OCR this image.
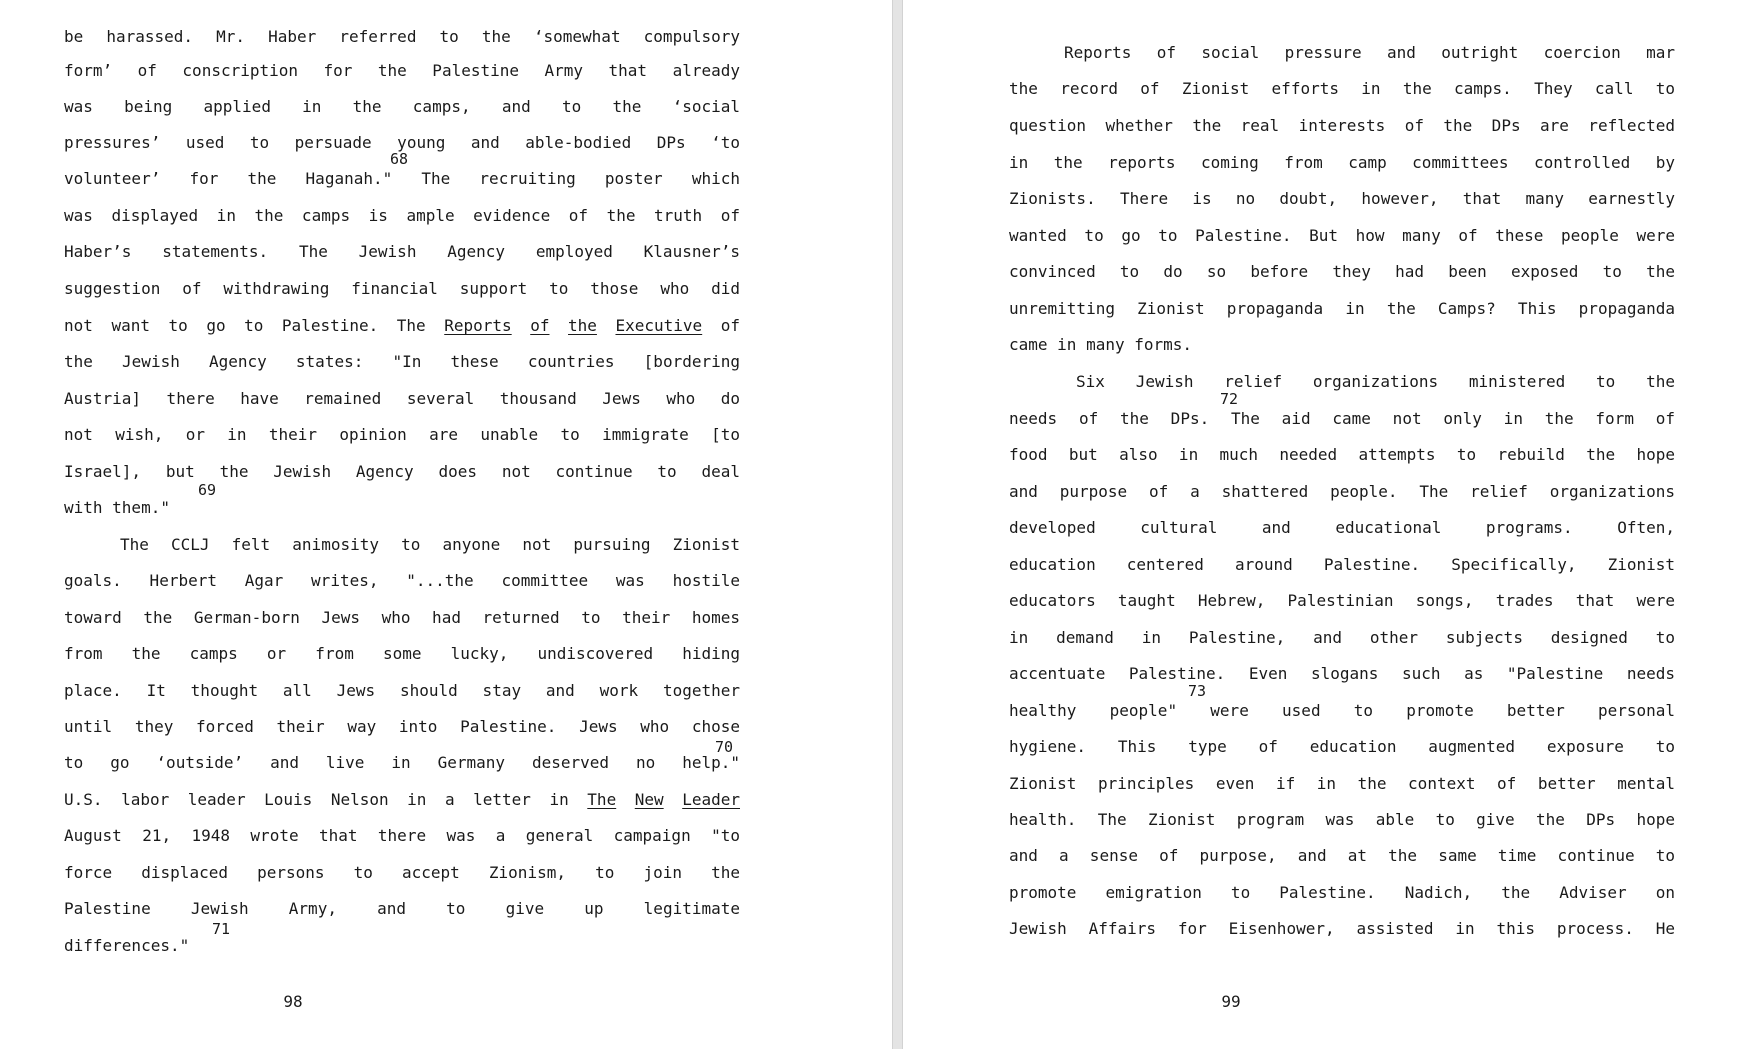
be harassed. Mr. Haber referred to the ‘somewhat compulsory
form’ of conscription for the Palestine Army that already
was being applied in the camps, and to the ‘social
pressures’ used to persuade young and able-bodied DPs ‘to
volunteer’ for the Haganah." The recruiting poster which
was displayed in the camps is ample evidence of the truth of
Haber’s statements. The Jewish Agency employed Klausner’s
suggestion of withdrawing financial support to those who did
not want to go to Palestine. The Reports of the Executive of
the Jewish Agency states: "In these countries [bordering
Austria] there have remained several thousand Jews who do
not wish, or in their opinion are unable to immigrate [to
Israel], but the Jewish Agency does not continue to deal
with them."
The CCLJ felt animosity to anyone not pursuing Zionist
goals. Herbert Agar writes, "...the committee was hostile
toward the German-born Jews who had returned to their homes
from the camps or from some lucky, undiscovered hiding
place. It thought all Jews should stay and work together
until they forced their way into Palestine. Jews who chose
to go ‘outside’ and live in Germany deserved no help."
U.S. labor leader Louis Nelson in a letter in The New Leader
August 21, 1948 wrote that there was a general campaign "to
force displaced persons to accept Zionism, to join the
Palestine Jewish Army, and to give up legitimate
differences."
68
69
70
71
98
Reports of social pressure and outright coercion mar
the record of Zionist efforts in the camps. They call to
question whether the real interests of the DPs are reflected
in the reports coming from camp committees controlled by
Zionists. There is no doubt, however, that many earnestly
wanted to go to Palestine. But how many of these people were
convinced to do so before they had been exposed to the
unremitting Zionist propaganda in the Camps? This propaganda
came in many forms.
Six Jewish relief organizations ministered to the
needs of the DPs. The aid came not only in the form of
food but also in much needed attempts to rebuild the hope
and purpose of a shattered people. The relief organizations
developed cultural and educational programs. Often,
education centered around Palestine. Specifically, Zionist
educators taught Hebrew, Palestinian songs, trades that were
in demand in Palestine, and other subjects designed to
accentuate Palestine. Even slogans such as "Palestine needs
healthy people" were used to promote better personal
hygiene. This type of education augmented exposure to
Zionist principles even if in the context of better mental
health. The Zionist program was able to give the DPs hope
and a sense of purpose, and at the same time continue to
promote emigration to Palestine. Nadich, the Adviser on
Jewish Affairs for Eisenhower, assisted in this process. He
72
73
99
